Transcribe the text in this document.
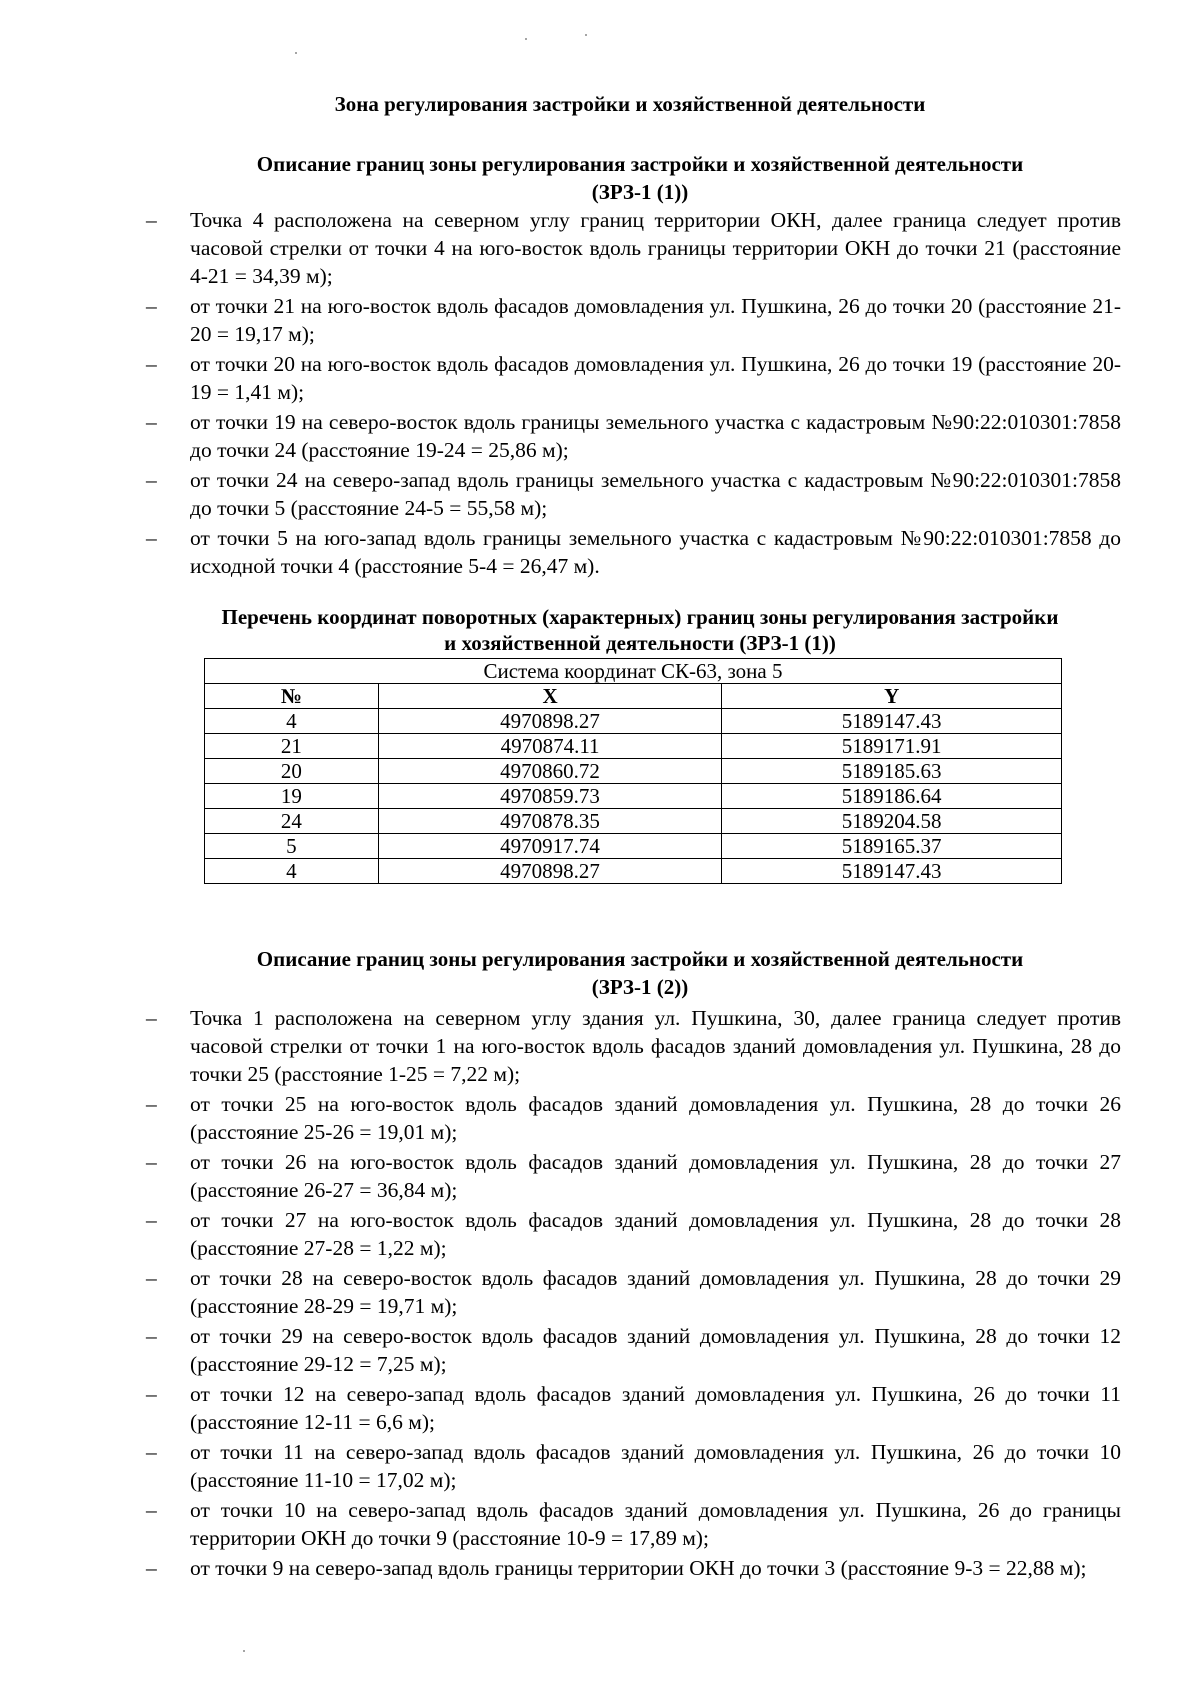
Зона регулирования застройки и хозяйственной деятельности
Описание границ зоны регулирования застройки и хозяйственной деятельности
(ЗРЗ-1 (1))
– Точка 4 расположена на северном углу границ территории ОКН, далее граница следует против часовой стрелки от точки 4 на юго-восток вдоль границы территории ОКН до точки 21 (расстояние 4-21 = 34,39 м);
– от точки 21 на юго-восток вдоль фасадов домовладения ул. Пушкина, 26 до точки 20 (расстояние 21-20 = 19,17 м);
– от точки 20 на юго-восток вдоль фасадов домовладения ул. Пушкина, 26 до точки 19 (расстояние 20-19 = 1,41 м);
– от точки 19 на северо-восток вдоль границы земельного участка с кадастровым №90:22:010301:7858 до точки 24 (расстояние 19-24 = 25,86 м);
– от точки 24 на северо-запад вдоль границы земельного участка с кадастровым №90:22:010301:7858 до точки 5 (расстояние 24-5 = 55,58 м);
– от точки 5 на юго-запад вдоль границы земельного участка с кадастровым №90:22:010301:7858 до исходной точки 4 (расстояние 5-4 = 26,47 м).
Перечень координат поворотных (характерных) границ зоны регулирования застройки
и хозяйственной деятельности (ЗРЗ-1 (1))
Система координат СК-63, зона 5		
№	X	Y
4	4970898.27	5189147.43
21	4970874.11	5189171.91
20	4970860.72	5189185.63
19	4970859.73	5189186.64
24	4970878.35	5189204.58
5	4970917.74	5189165.37
4	4970898.27	5189147.43
Описание границ зоны регулирования застройки и хозяйственной деятельности
(ЗРЗ-1 (2))
– Точка 1 расположена на северном углу здания ул. Пушкина, 30, далее граница следует против часовой стрелки от точки 1 на юго-восток вдоль фасадов зданий домовладения ул. Пушкина, 28 до точки 25 (расстояние 1-25 = 7,22 м);
– от точки 25 на юго-восток вдоль фасадов зданий домовладения ул. Пушкина, 28 до точки 26 (расстояние 25-26 = 19,01 м);
– от точки 26 на юго-восток вдоль фасадов зданий домовладения ул. Пушкина, 28 до точки 27 (расстояние 26-27 = 36,84 м);
– от точки 27 на юго-восток вдоль фасадов зданий домовладения ул. Пушкина, 28 до точки 28 (расстояние 27-28 = 1,22 м);
– от точки 28 на северо-восток вдоль фасадов зданий домовладения ул. Пушкина, 28 до точки 29 (расстояние 28-29 = 19,71 м);
– от точки 29 на северо-восток вдоль фасадов зданий домовладения ул. Пушкина, 28 до точки 12 (расстояние 29-12 = 7,25 м);
– от точки 12 на северо-запад вдоль фасадов зданий домовладения ул. Пушкина, 26 до точки 11 (расстояние 12-11 = 6,6 м);
– от точки 11 на северо-запад вдоль фасадов зданий домовладения ул. Пушкина, 26 до точки 10 (расстояние 11-10 = 17,02 м);
– от точки 10 на северо-запад вдоль фасадов зданий домовладения ул. Пушкина, 26 до границы территории ОКН до точки 9 (расстояние 10-9 = 17,89 м);
– от точки 9 на северо-запад вдоль границы территории ОКН до точки 3 (расстояние 9-3 = 22,88 м);
